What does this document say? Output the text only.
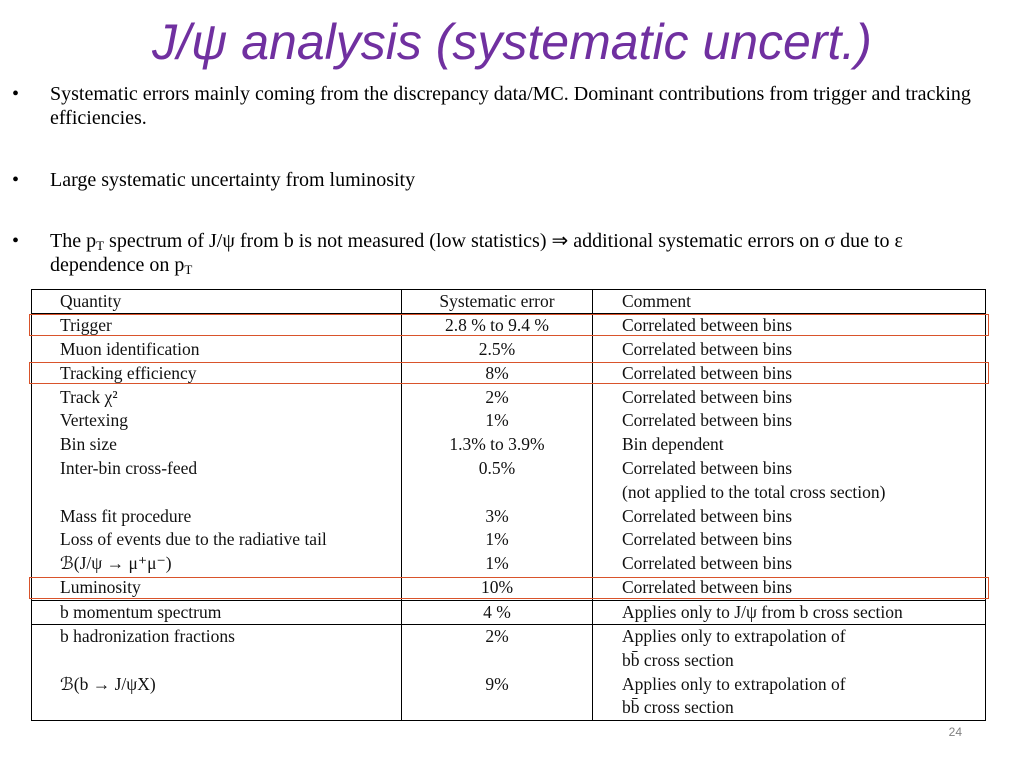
J/ψ analysis (systematic uncert.)
• Systematic errors mainly coming from the discrepancy data/MC. Dominant contributions from trigger and tracking efficiencies.
• Large systematic uncertainty from luminosity
• The $p_T$ spectrum of J/ψ from b is not measured (low statistics) ⇒ additional systematic errors on σ due to ε dependence on $p_T$
Quantity	Systematic error	Comment
Trigger	2.8 % to 9.4 %	Correlated between bins
Muon identification	2.5%	Correlated between bins
Tracking efficiency	8%	Correlated between bins
Track χ²	2%	Correlated between bins
Vertexing	1%	Correlated between bins
Bin size	1.3% to 3.9%	Bin dependent
Inter-bin cross-feed	0.5%	Correlated between bins
(not applied to the total cross section)
Mass fit procedure	3%	Correlated between bins
Loss of events due to the radiative tail	1%	Correlated between bins
ℬ(J/ψ → μ⁺μ⁻)	1%	Correlated between bins
Luminosity	10%	Correlated between bins
b momentum spectrum	4 %	Applies only to J/ψ from b cross section
b hadronization fractions	2%	Applies only to extrapolation of
bb̄ cross section
ℬ(b → J/ψX)	9%	Applies only to extrapolation of
bb̄ cross section
24
